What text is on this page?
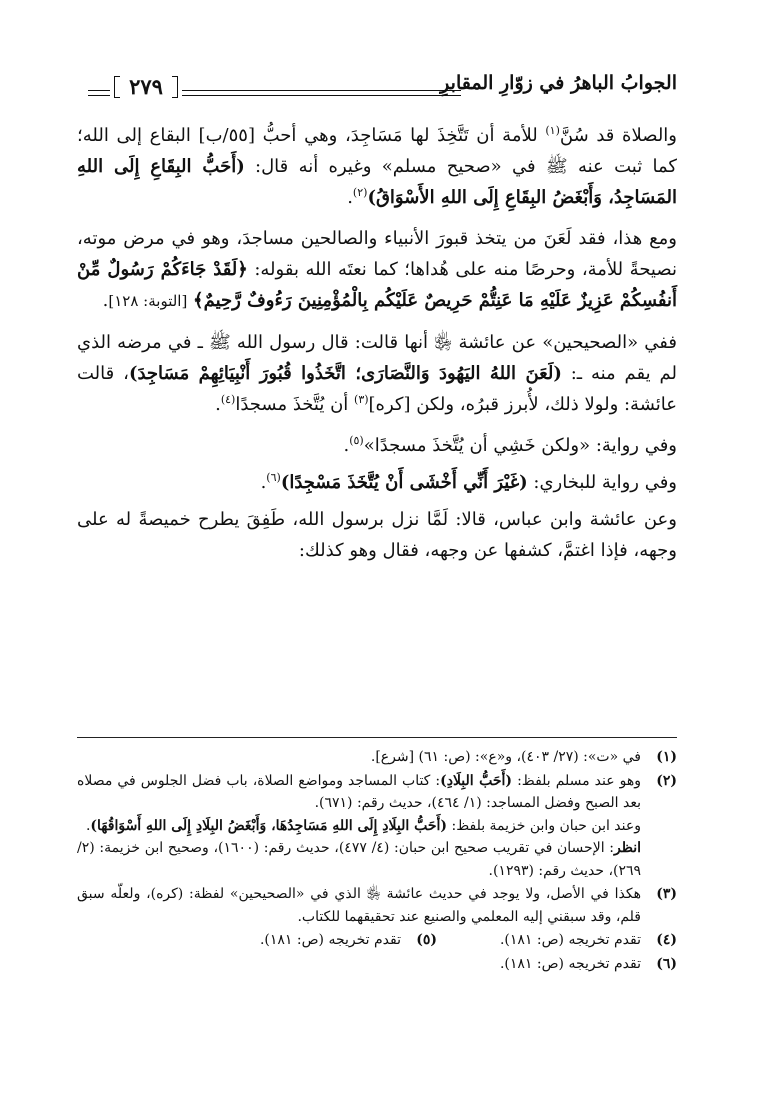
الجوابُ الباهرُ في زوّارِ المقابرِ
٢٧٩

والصلاة قد سُنَّ$^{(١)}$ للأمة أن تَتَّخِذَ لها مَسَاجِدَ، وهي أحبُّ [٥٥/ب] البقاع إلى الله؛ كما ثبت عنه ﷺ في «صحيح مسلم» وغيره أنه قال: (أَحَبُّ البِقَاعِ إِلَى اللهِ المَسَاجِدُ، وَأَبْغَضُ البِقَاعِ إِلَى اللهِ الأَسْوَاقُ)$^{(٢)}$.

ومع هذا، فقد لَعَنَ من يتخذ قبورَ الأنبياء والصالحين مساجدَ، وهو في مرض موته، نصيحةً للأمة، وحرصًا منه على هُداها؛ كما نعتَه الله بقوله: ﴿لَقَدْ جَاءَكُمْ رَسُولٌ مِّنْ أَنفُسِكُمْ عَزِيزٌ عَلَيْهِ مَا عَنِتُّمْ حَرِيصٌ عَلَيْكُم بِالْمُؤْمِنِينَ رَءُوفٌ رَّحِيمٌ﴾ [التوبة: ١٢٨].

ففي «الصحيحين» عن عائشة ﵂ أنها قالت: قال رسول الله ﷺ ـ في مرضه الذي لم يقم منه ـ: (لَعَنَ اللهُ اليَهُودَ وَالنَّصَارَى؛ اتَّخَذُوا قُبُورَ أَنْبِيَائِهِمْ مَسَاجِدَ)، قالت عائشة: ولولا ذلك، لأُبرز قبرُه، ولكن [كره]$^{(٣)}$ أن يُتَّخذَ مسجدًا$^{(٤)}$.

وفي رواية: «ولكن خَشِي أن يُتَّخذَ مسجدًا»$^{(٥)}$.

وفي رواية للبخاري: (غَيْرَ أَنِّي أَخْشَى أَنْ يُتَّخَذَ مَسْجِدًا)$^{(٦)}$.

وعن عائشة وابن عباس، قالا: لَمَّا نزل برسول الله، طَفِقَ يطرح خميصةً له على وجهه، فإذا اغتمَّ، كشفها عن وجهه، فقال وهو كذلك:

(١)
في «ت»: (٢٧/ ٤٠٣)، و«ع»: (ص: ٦١) [شرع].
(٢)
وهو عند مسلم بلفظ: (أَحَبُّ البِلَادِ): كتاب المساجد ومواضع الصلاة، باب فضل الجلوس في مصلاه بعد الصبح وفضل المساجد: (١/ ٤٦٤)، حديث رقم: (٦٧١).
وعند ابن حبان وابن خزيمة بلفظ: (أَحَبُّ البِلَادِ إِلَى اللهِ مَسَاجِدُهَا، وَأَبْغَضُ البِلَادِ إِلَى اللهِ أَسْوَاقُهَا).
انظر: الإحسان في تقريب صحيح ابن حبان: (٤/ ٤٧٧)، حديث رقم: (١٦٠٠)، وصحيح ابن خزيمة: (٢/ ٢٦٩)، حديث رقم: (١٢٩٣).
(٣)
هكذا في الأصل، ولا يوجد في حديث عائشة ﵂ الذي في «الصحيحين» لفظة: (كره)، ولعلّه سبق قلم، وقد سبقني إليه المعلمي والصنيع عند تحقيقهما للكتاب.
(٤)
تقدم تخريجه (ص: ١٨١).
(٥)
تقدم تخريجه (ص: ١٨١).
(٦)
تقدم تخريجه (ص: ١٨١).
